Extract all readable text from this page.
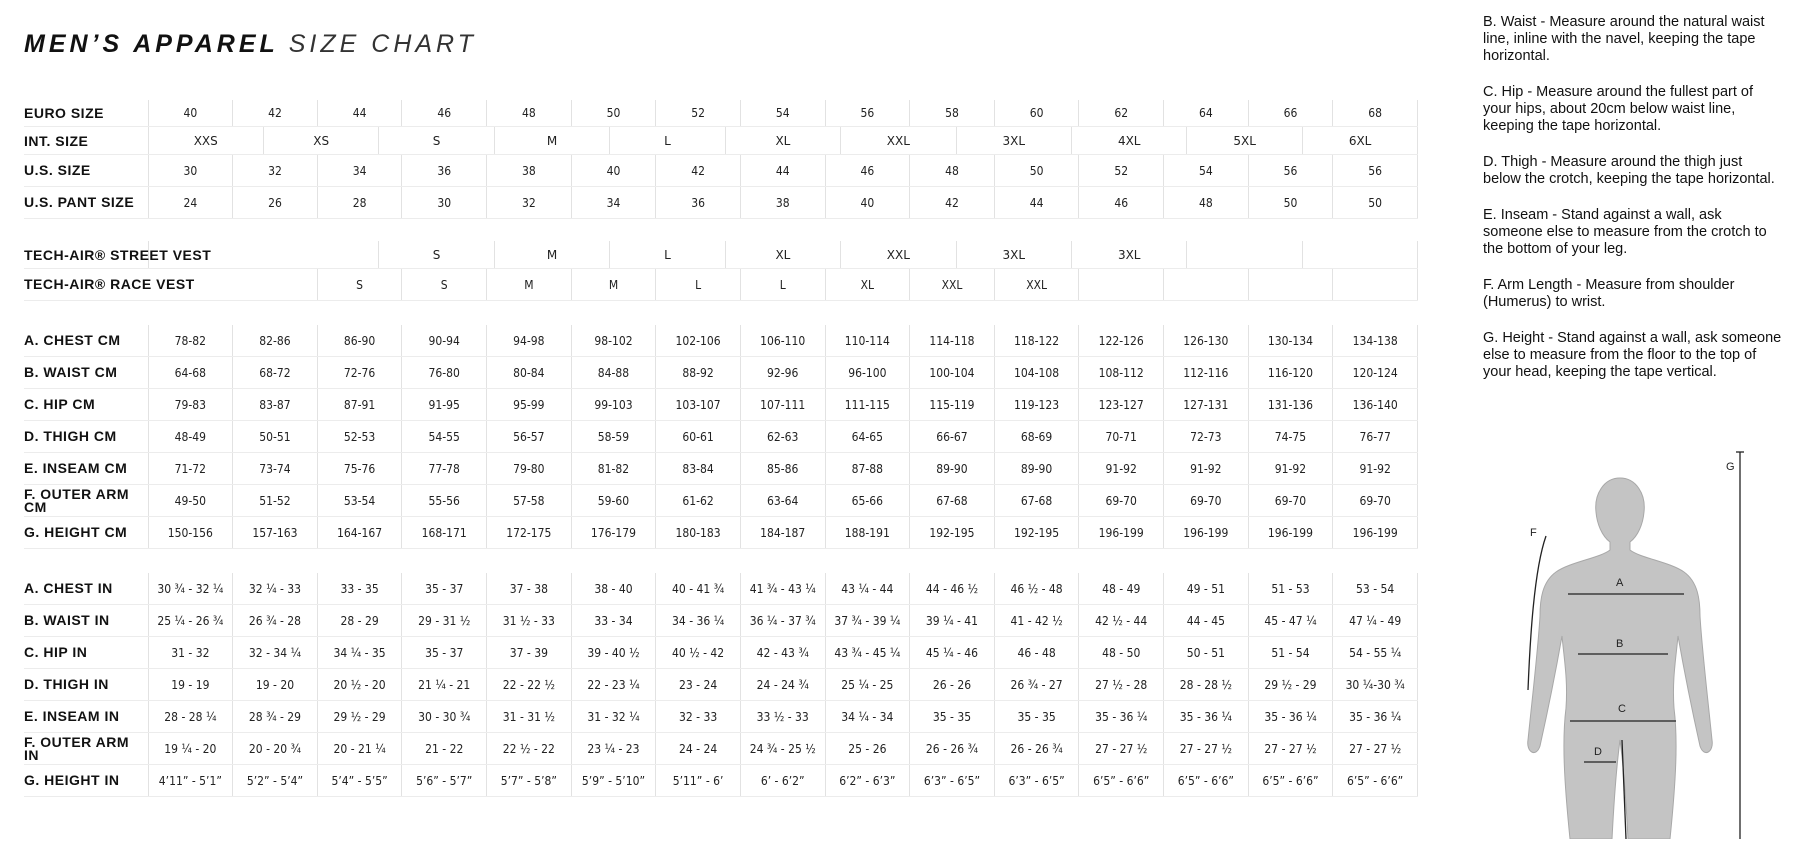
MEN’S APPAREL SIZE CHART
EURO SIZE	40	42	44	46	48	50	52	54	56	58	60	62	64	66	68
INT. SIZE	XXS	XS	S	M	L	XL	XXL	3XL	4XL	5XL	6XL
U.S. SIZE	30	32	34	36	38	40	42	44	46	48	50	52	54	56	56
U.S. PANT SIZE	24	26	28	30	32	34	36	38	40	42	44	46	48	50	50
TECH-AIR® STREET VEST			S	M	L	XL	XXL	3XL	3XL		
TECH-AIR® RACE VEST			S	S	M	M	L	L	XL	XXL	XXL				
A. CHEST CM	78-82	82-86	86-90	90-94	94-98	98-102	102-106	106-110	110-114	114-118	118-122	122-126	126-130	130-134	134-138
B. WAIST CM	64-68	68-72	72-76	76-80	80-84	84-88	88-92	92-96	96-100	100-104	104-108	108-112	112-116	116-120	120-124
C. HIP CM	79-83	83-87	87-91	91-95	95-99	99-103	103-107	107-111	111-115	115-119	119-123	123-127	127-131	131-136	136-140
D. THIGH CM	48-49	50-51	52-53	54-55	56-57	58-59	60-61	62-63	64-65	66-67	68-69	70-71	72-73	74-75	76-77
E. INSEAM CM	71-72	73-74	75-76	77-78	79-80	81-82	83-84	85-86	87-88	89-90	89-90	91-92	91-92	91-92	91-92
F. OUTER ARM CM	49-50	51-52	53-54	55-56	57-58	59-60	61-62	63-64	65-66	67-68	67-68	69-70	69-70	69-70	69-70
G. HEIGHT CM	150-156	157-163	164-167	168-171	172-175	176-179	180-183	184-187	188-191	192-195	192-195	196-199	196-199	196-199	196-199
A. CHEST IN	30 ¾ - 32 ¼	32 ¼ - 33	33 - 35	35 - 37	37 - 38	38 - 40	40 - 41 ¾	41 ¾ - 43 ¼	43 ¼ - 44	44 - 46 ½	46 ½ - 48	48 - 49	49 - 51	51 - 53	53 - 54
B. WAIST IN	25 ¼ - 26 ¾	26 ¾ - 28	28 - 29	29 - 31 ½	31 ½ - 33	33 - 34	34 - 36 ¼	36 ¼ - 37 ¾	37 ¾ - 39 ¼	39 ¼ - 41	41 - 42 ½	42 ½ - 44	44 - 45	45 - 47 ¼	47 ¼ - 49
C. HIP IN	31 - 32	32 - 34 ¼	34 ¼ - 35	35 - 37	37 - 39	39 - 40 ½	40 ½ - 42	42 - 43 ¾	43 ¾ - 45 ¼	45 ¼ - 46	46 - 48	48 - 50	50 - 51	51 - 54	54 - 55 ¼
D. THIGH IN	19 - 19	19 - 20	20 ½ - 20	21 ¼ - 21	22 - 22 ½	22 - 23 ¼	23 - 24	24 - 24 ¾	25 ¼ - 25	26 - 26	26 ¾ - 27	27 ½ - 28	28 - 28 ½	29 ½ - 29	30 ¼-30 ¾
E. INSEAM IN	28 - 28 ¼	28 ¾ - 29	29 ½ - 29	30 - 30 ¾	31 - 31 ½	31 - 32 ¼	32 - 33	33 ½ - 33	34 ¼ - 34	35 - 35	35 - 35	35 - 36 ¼	35 - 36 ¼	35 - 36 ¼	35 - 36 ¼
F. OUTER ARM IN	19 ¼ - 20	20 - 20 ¾	20 - 21 ¼	21 - 22	22 ½ - 22	23 ¼ - 23	24 - 24	24 ¾ - 25 ½	25 - 26	26 - 26 ¾	26 - 26 ¾	27 - 27 ½	27 - 27 ½	27 - 27 ½	27 - 27 ½
G. HEIGHT IN	4’11” - 5’1”	5’2” - 5’4”	5’4” - 5’5”	5’6” - 5’7”	5’7” - 5’8”	5’9” - 5’10”	5’11” - 6’	6’ - 6’2”	6’2” - 6’3”	6’3” - 6’5”	6’3” - 6’5”	6’5” - 6’6”	6’5” - 6’6”	6’5” - 6’6”	6’5” - 6’6”

B. Waist - Measure around the natural waist line, inline with the navel, keeping the tape horizontal.

C. Hip - Measure around the fullest part of your hips, about 20cm below waist line, keeping the tape horizontal.

D. Thigh - Measure around the thigh just below the crotch, keeping the tape horizontal.

E. Inseam - Stand against a wall, ask someone else to measure from the crotch to the bottom of your leg.

F. Arm Length - Measure from shoulder (Humerus) to wrist.

G. Height - Stand against a wall, ask someone else to measure from the floor to the top of your head, keeping the tape vertical.

A
B
C
D
F
G
